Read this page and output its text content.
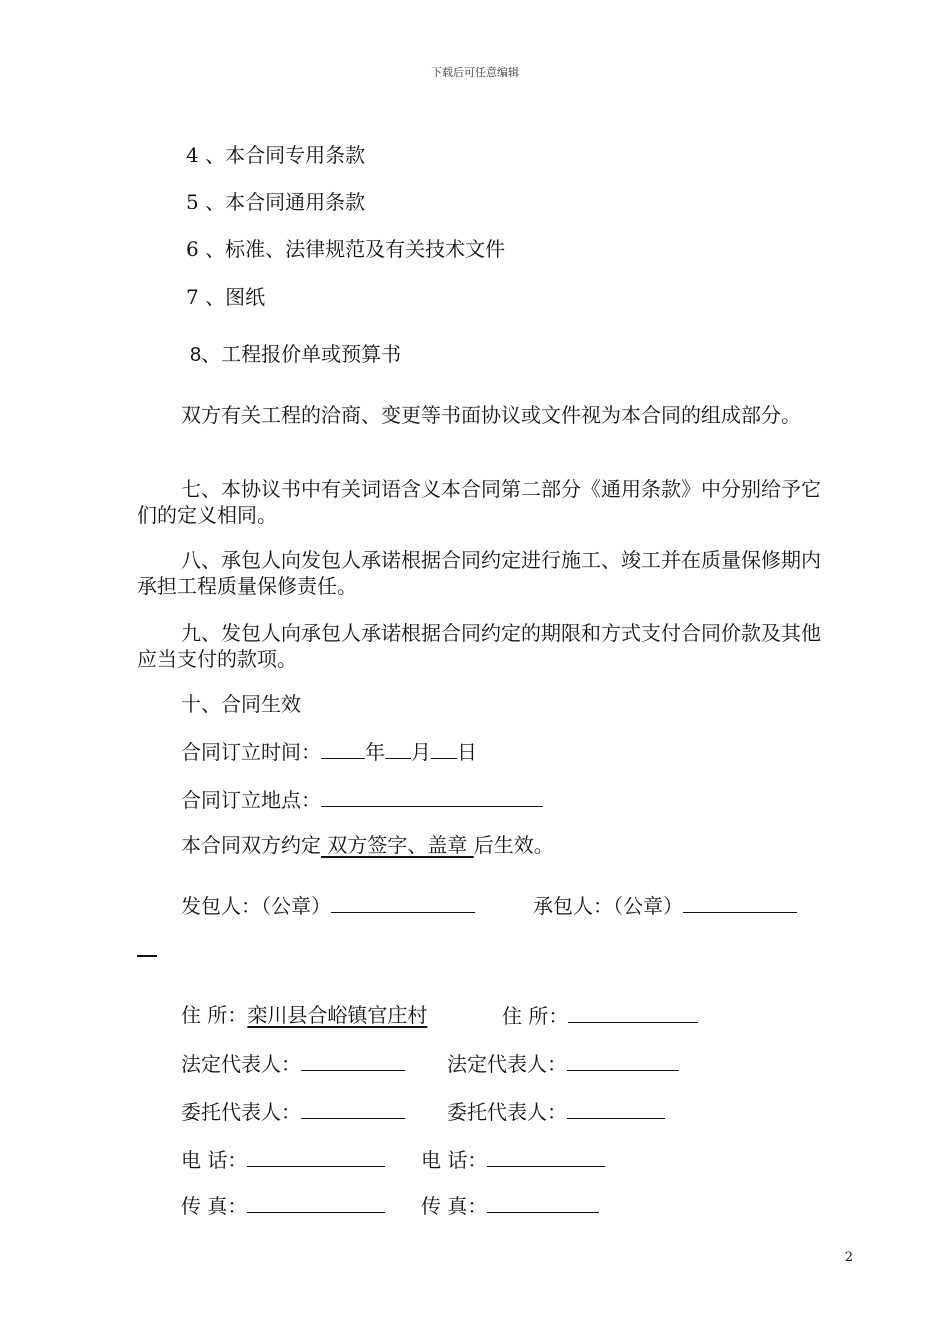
下载后可任意编辑
4 、本合同专用条款
5 、本合同通用条款
6 、标准、法律规范及有关技术文件
7 、图纸
8、工程报价单或预算书
双方有关工程的洽商、变更等书面协议或文件视为本合同的组成部分。
七、本协议书中有关词语含义本合同第二部分《通用条款》中分别给予它们的定义相同。
八、承包人向发包人承诺根据合同约定进行施工、竣工并在质量保修期内承担工程质量保修责任。
九、发包人向承包人承诺根据合同约定的期限和方式支付合同价款及其他应当支付的款项。
十、合同生效
合同订立时间： 年 月 日
合同订立地点：
本合同双方约定 双方签字、盖章 后生效。
发包人：（公章）	承包人：（公章）
住 所：栾川县合峪镇官庄村	住 所：
法定代表人：	法定代表人：
委托代表人：	委托代表人：
电 话：	电 话：
传 真：	传 真：
2
